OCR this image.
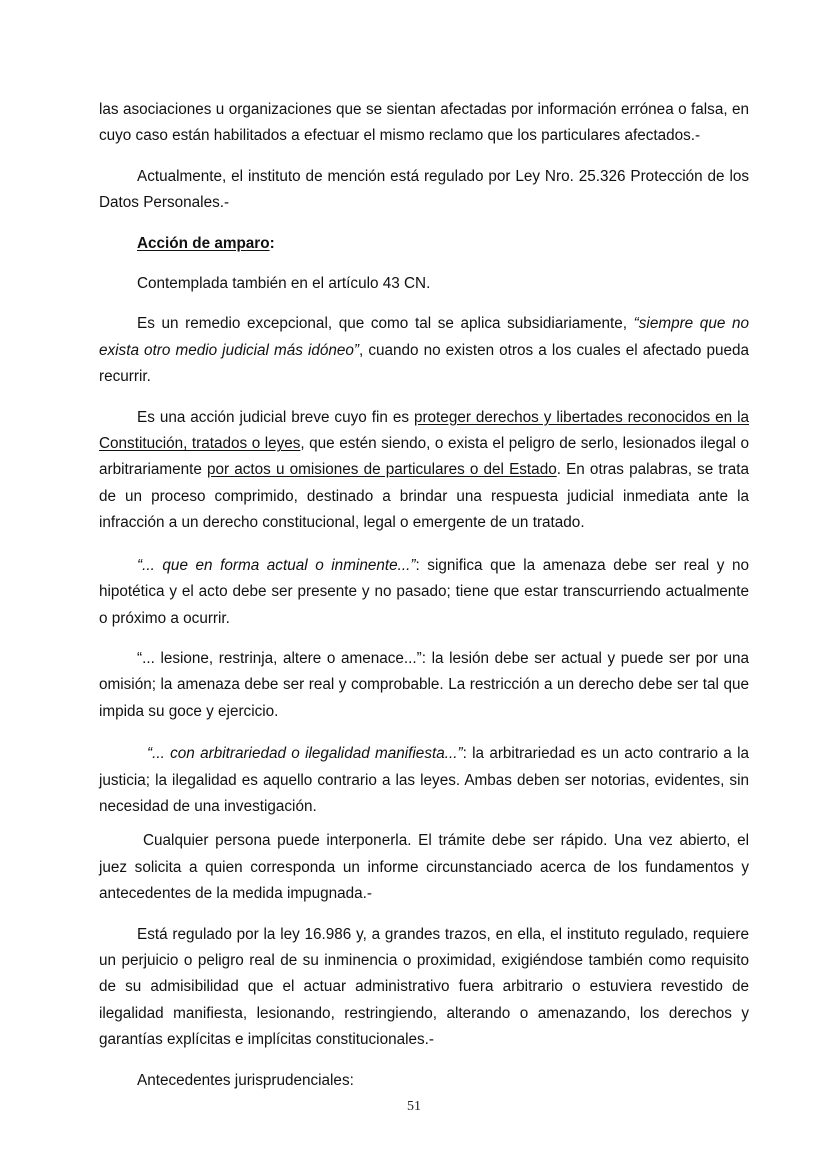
las asociaciones u organizaciones que se sientan afectadas por información errónea o falsa, en cuyo caso están habilitados a efectuar el mismo reclamo que los particulares afectados.-

Actualmente, el instituto de mención está regulado por Ley Nro. 25.326 Protección de los Datos Personales.-

Acción de amparo:

Contemplada también en el artículo 43 CN.

Es un remedio excepcional, que como tal se aplica subsidiariamente, “siempre que no exista otro medio judicial más idóneo”, cuando no existen otros a los cuales el afectado pueda recurrir.

Es una acción judicial breve cuyo fin es proteger derechos y libertades reconocidos en la Constitución, tratados o leyes, que estén siendo, o exista el peligro de serlo, lesionados ilegal o arbitrariamente por actos u omisiones de particulares o del Estado. En otras palabras, se trata de un proceso comprimido, destinado a brindar una respuesta judicial inmediata ante la infracción a un derecho constitucional, legal o emergente de un tratado.

“... que en forma actual o inminente...”: significa que la amenaza debe ser real y no hipotética y el acto debe ser presente y no pasado; tiene que estar transcurriendo actualmente o próximo a ocurrir.

“... lesione, restrinja, altere o amenace...”: la lesión debe ser actual y puede ser por una omisión; la amenaza debe ser real y comprobable. La restricción a un derecho debe ser tal que impida su goce y ejercicio.

“... con arbitrariedad o ilegalidad manifiesta...”: la arbitrariedad es un acto contrario a la justicia; la ilegalidad es aquello contrario a las leyes. Ambas deben ser notorias, evidentes, sin necesidad de una investigación.

Cualquier persona puede interponerla. El trámite debe ser rápido. Una vez abierto, el juez solicita a quien corresponda un informe circunstanciado acerca de los fundamentos y antecedentes de la medida impugnada.-

Está regulado por la ley 16.986 y, a grandes trazos, en ella, el instituto regulado, requiere un perjuicio o peligro real de su inminencia o proximidad, exigiéndose también como requisito de su admisibilidad que el actuar administrativo fuera arbitrario o estuviera revestido de ilegalidad manifiesta, lesionando, restringiendo, alterando o amenazando, los derechos y garantías explícitas e implícitas constitucionales.-

Antecedentes jurisprudenciales:

51
